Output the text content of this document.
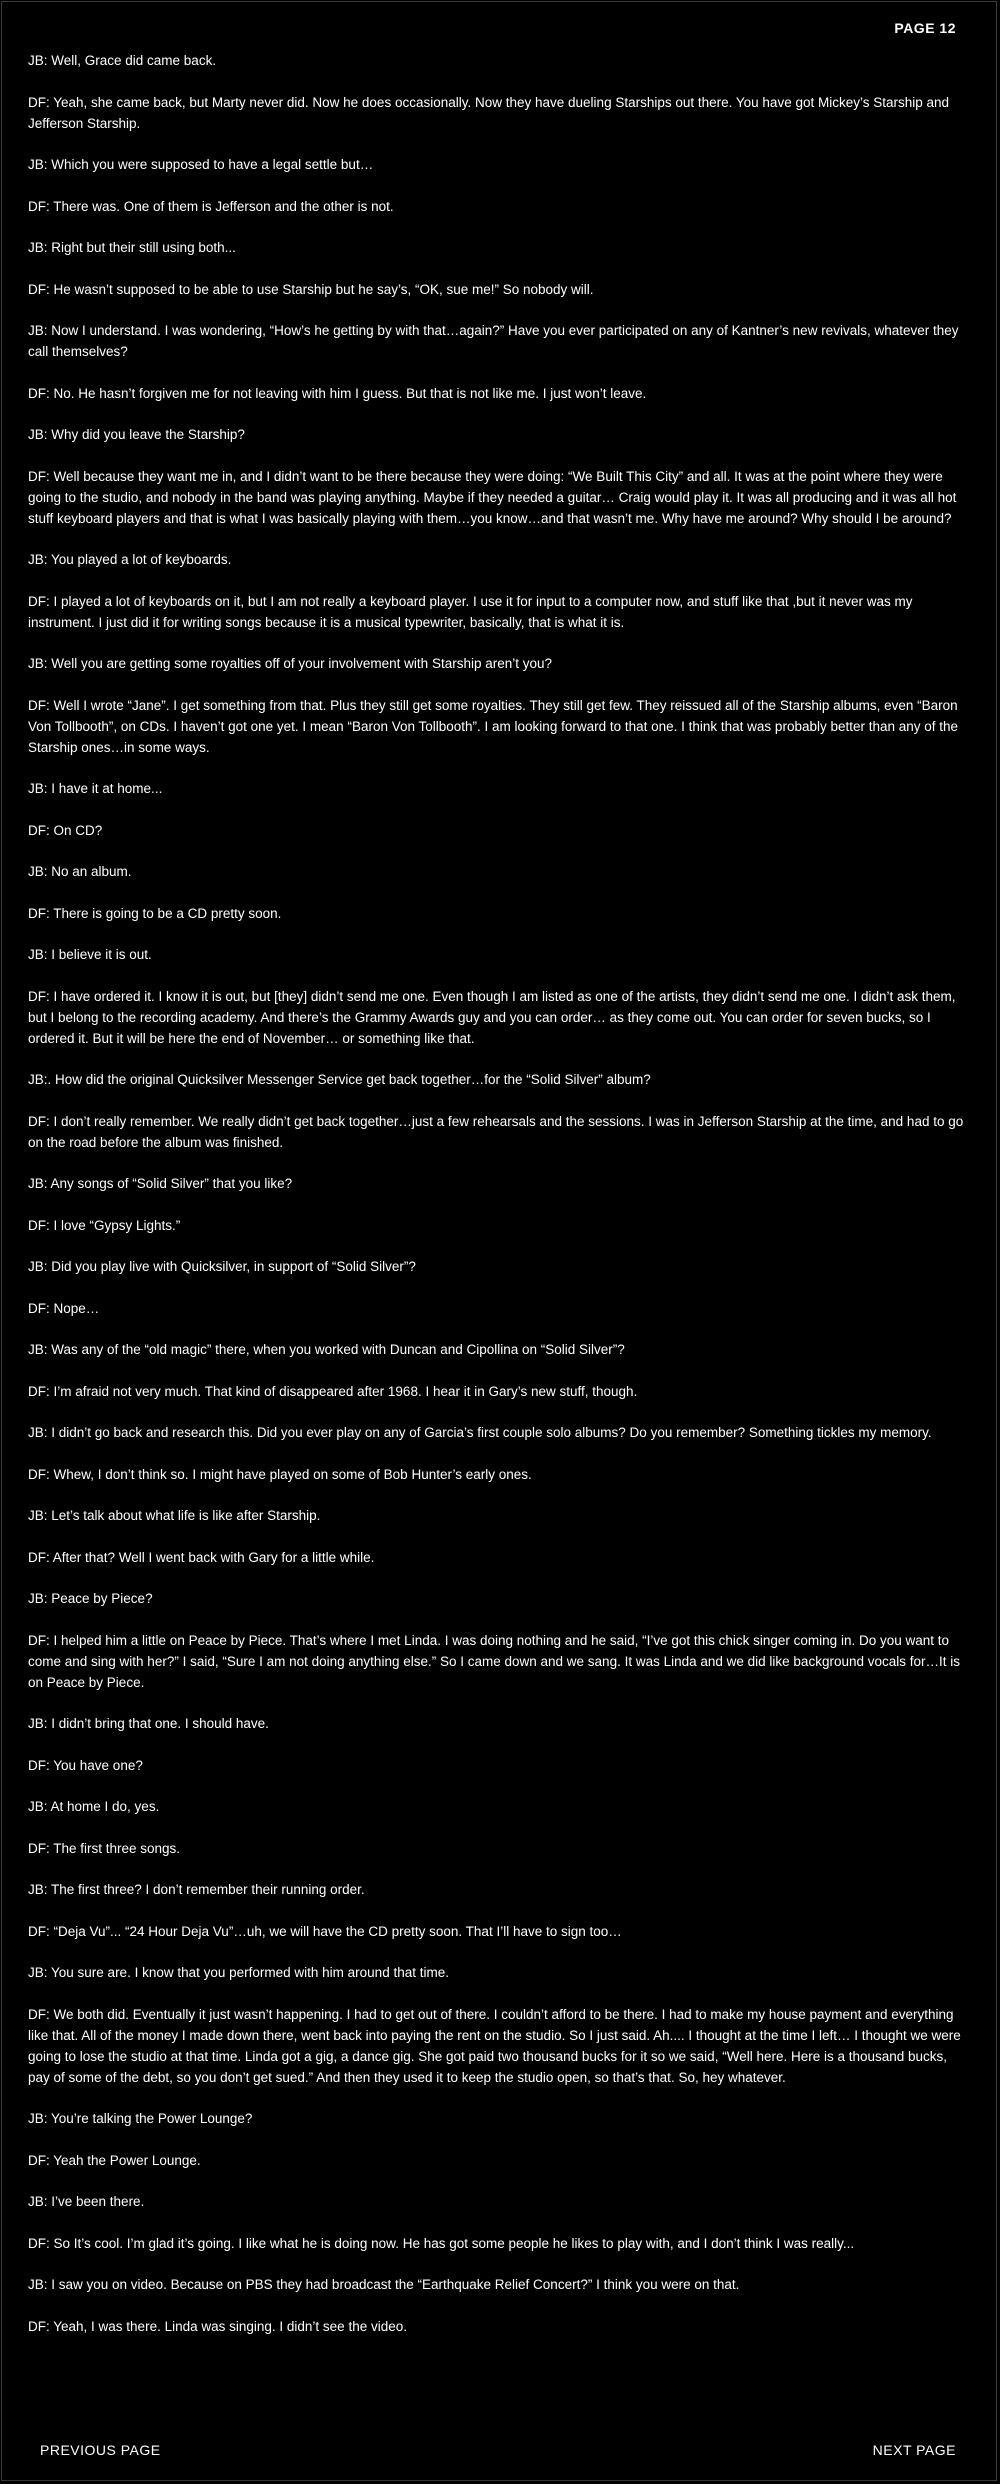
PAGE 12

JB: Well, Grace did came back.

DF: Yeah, she came back, but Marty never did. Now he does occasionally. Now they have dueling Starships out there. You have got Mickey’s Starship and Jefferson Starship.

JB: Which you were supposed to have a legal settle but…

DF: There was. One of them is Jefferson and the other is not.

JB: Right but their still using both...

DF: He wasn’t supposed to be able to use Starship but he say’s, “OK, sue me!” So nobody will.

JB: Now I understand. I was wondering, “How’s he getting by with that…again?” Have you ever participated on any of Kantner’s new revivals, whatever they call themselves?

DF: No. He hasn’t forgiven me for not leaving with him I guess. But that is not like me. I just won’t leave.

JB: Why did you leave the Starship?

DF: Well because they want me in, and I didn’t want to be there because they were doing: “We Built This City” and all. It was at the point where they were going to the studio, and nobody in the band was playing anything. Maybe if they needed a guitar… Craig would play it. It was all producing and it was all hot stuff keyboard players and that is what I was basically playing with them…you know…and that wasn’t me. Why have me around? Why should I be around?

JB: You played a lot of keyboards.

DF: I played a lot of keyboards on it, but I am not really a keyboard player. I use it for input to a computer now, and stuff like that ,but it never was my instrument. I just did it for writing songs because it is a musical typewriter, basically, that is what it is.

JB: Well you are getting some royalties off of your involvement with Starship aren’t you?

DF: Well I wrote “Jane”. I get something from that. Plus they still get some royalties. They still get few. They reissued all of the Starship albums, even “Baron Von Tollbooth”, on CDs. I haven’t got one yet. I mean “Baron Von Tollbooth”. I am looking forward to that one. I think that was probably better than any of the Starship ones…in some ways.

JB: I have it at home...

DF: On CD?

JB: No an album.

DF: There is going to be a CD pretty soon.

JB: I believe it is out.

DF: I have ordered it. I know it is out, but [they] didn’t send me one. Even though I am listed as one of the artists, they didn’t send me one. I didn’t ask them, but I belong to the recording academy. And there’s the Grammy Awards guy and you can order… as they come out. You can order for seven bucks, so I ordered it. But it will be here the end of November… or something like that.

JB:. How did the original Quicksilver Messenger Service get back together…for the “Solid Silver” album?

DF: I don’t really remember. We really didn’t get back together…just a few rehearsals and the sessions. I was in Jefferson Starship at the time, and had to go on the road before the album was finished.

JB: Any songs of “Solid Silver” that you like?

DF: I love “Gypsy Lights.”

JB: Did you play live with Quicksilver, in support of “Solid Silver”?

DF: Nope…

JB: Was any of the “old magic” there, when you worked with Duncan and Cipollina on “Solid Silver”?

DF: I’m afraid not very much. That kind of disappeared after 1968. I hear it in Gary’s new stuff, though.

JB: I didn’t go back and research this. Did you ever play on any of Garcia’s first couple solo albums? Do you remember? Something tickles my memory.

DF: Whew, I don’t think so. I might have played on some of Bob Hunter’s early ones.

JB: Let’s talk about what life is like after Starship.

DF: After that? Well I went back with Gary for a little while.

JB: Peace by Piece?

DF: I helped him a little on Peace by Piece. That’s where I met Linda. I was doing nothing and he said, “I’ve got this chick singer coming in. Do you want to come and sing with her?” I said, “Sure I am not doing anything else.” So I came down and we sang. It was Linda and we did like background vocals for…It is on Peace by Piece.

JB: I didn’t bring that one. I should have.

DF: You have one?

JB: At home I do, yes.

DF: The first three songs.

JB: The first three? I don’t remember their running order.

DF: “Deja Vu”... “24 Hour Deja Vu”…uh, we will have the CD pretty soon. That I’ll have to sign too…

JB: You sure are. I know that you performed with him around that time.

DF: We both did. Eventually it just wasn’t happening. I had to get out of there. I couldn’t afford to be there. I had to make my house payment and everything like that. All of the money I made down there, went back into paying the rent on the studio. So I just said. Ah.... I thought at the time I left… I thought we were going to lose the studio at that time. Linda got a gig, a dance gig. She got paid two thousand bucks for it so we said, “Well here. Here is a thousand bucks, pay of some of the debt, so you don’t get sued.” And then they used it to keep the studio open, so that’s that. So, hey whatever.

JB: You’re talking the Power Lounge?

DF: Yeah the Power Lounge.

JB: I’ve been there.

DF: So It’s cool. I’m glad it’s going. I like what he is doing now. He has got some people he likes to play with, and I don’t think I was really...

JB: I saw you on video. Because on PBS they had broadcast the “Earthquake Relief Concert?” I think you were on that.

DF: Yeah, I was there. Linda was singing. I didn’t see the video.

PREVIOUS PAGE	NEXT PAGE
